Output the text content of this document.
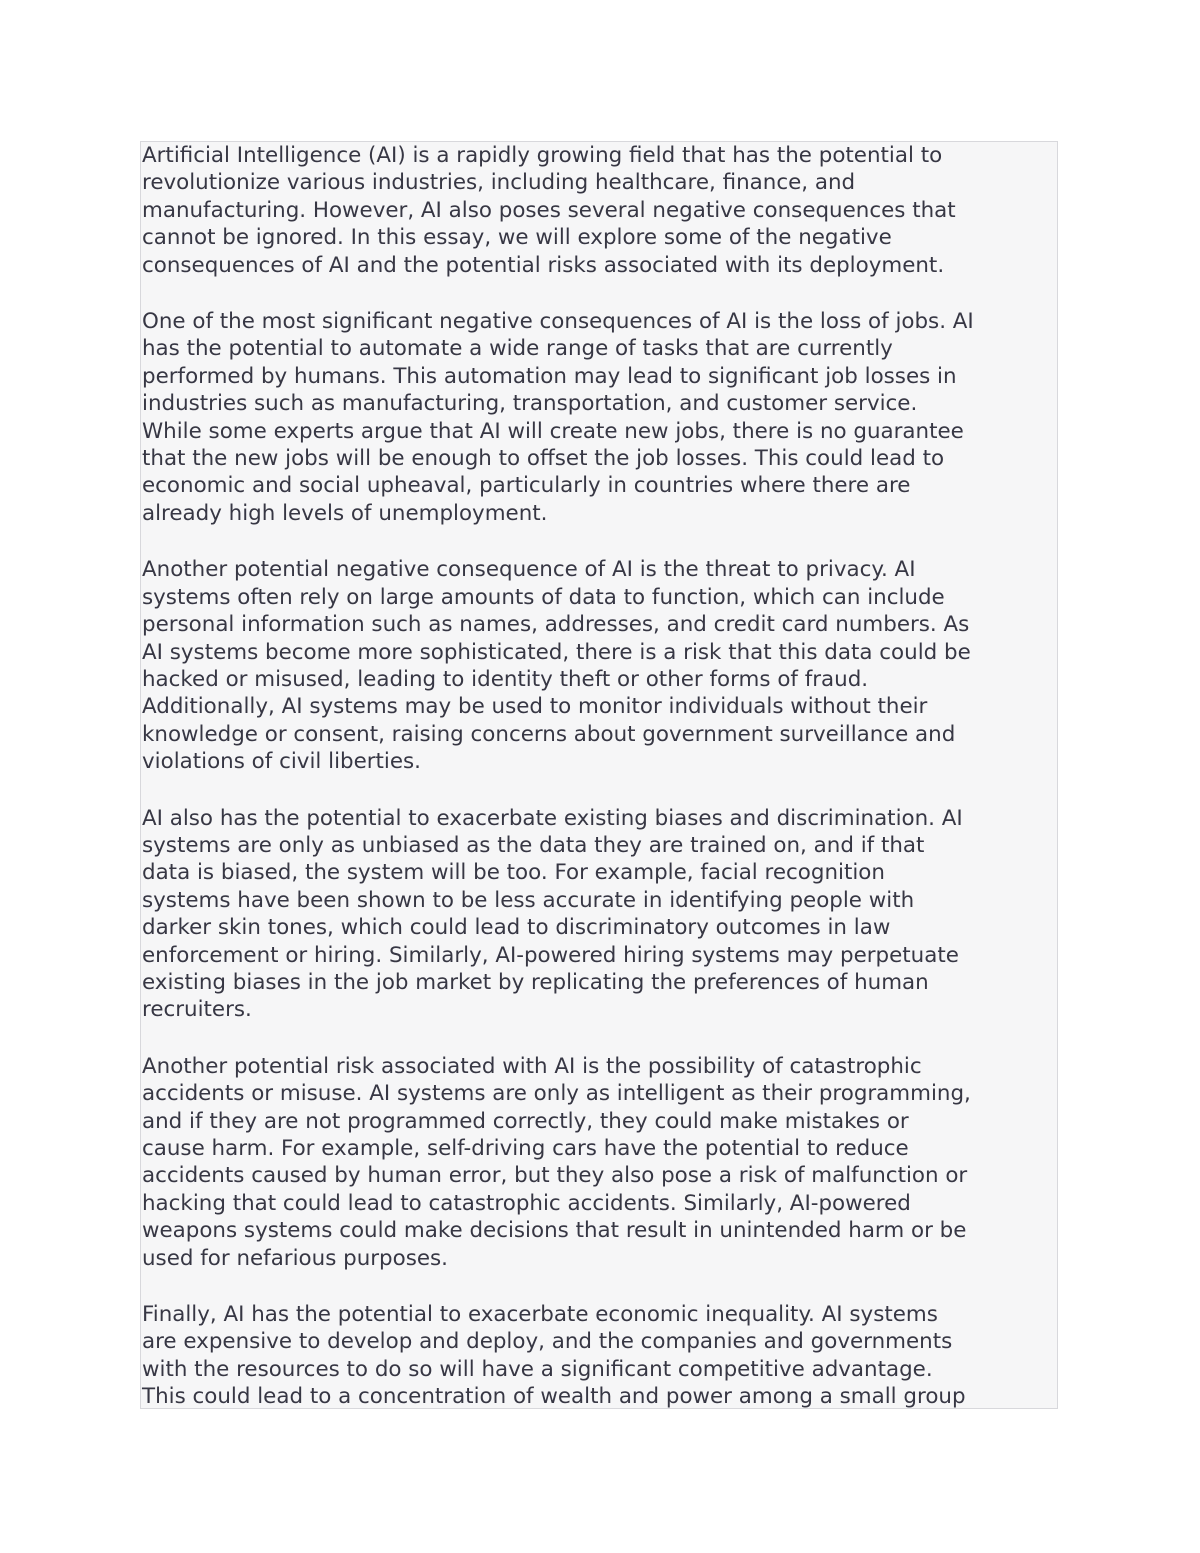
Artificial Intelligence (AI) is a rapidly growing field that has the potential to
revolutionize various industries, including healthcare, finance, and
manufacturing. However, AI also poses several negative consequences that
cannot be ignored. In this essay, we will explore some of the negative
consequences of AI and the potential risks associated with its deployment.

One of the most significant negative consequences of AI is the loss of jobs. AI
has the potential to automate a wide range of tasks that are currently
performed by humans. This automation may lead to significant job losses in
industries such as manufacturing, transportation, and customer service.
While some experts argue that AI will create new jobs, there is no guarantee
that the new jobs will be enough to offset the job losses. This could lead to
economic and social upheaval, particularly in countries where there are
already high levels of unemployment.

Another potential negative consequence of AI is the threat to privacy. AI
systems often rely on large amounts of data to function, which can include
personal information such as names, addresses, and credit card numbers. As
AI systems become more sophisticated, there is a risk that this data could be
hacked or misused, leading to identity theft or other forms of fraud.
Additionally, AI systems may be used to monitor individuals without their
knowledge or consent, raising concerns about government surveillance and
violations of civil liberties.

AI also has the potential to exacerbate existing biases and discrimination. AI
systems are only as unbiased as the data they are trained on, and if that
data is biased, the system will be too. For example, facial recognition
systems have been shown to be less accurate in identifying people with
darker skin tones, which could lead to discriminatory outcomes in law
enforcement or hiring. Similarly, AI-powered hiring systems may perpetuate
existing biases in the job market by replicating the preferences of human
recruiters.

Another potential risk associated with AI is the possibility of catastrophic
accidents or misuse. AI systems are only as intelligent as their programming,
and if they are not programmed correctly, they could make mistakes or
cause harm. For example, self-driving cars have the potential to reduce
accidents caused by human error, but they also pose a risk of malfunction or
hacking that could lead to catastrophic accidents. Similarly, AI-powered
weapons systems could make decisions that result in unintended harm or be
used for nefarious purposes.

Finally, AI has the potential to exacerbate economic inequality. AI systems
are expensive to develop and deploy, and the companies and governments
with the resources to do so will have a significant competitive advantage.
This could lead to a concentration of wealth and power among a small group
